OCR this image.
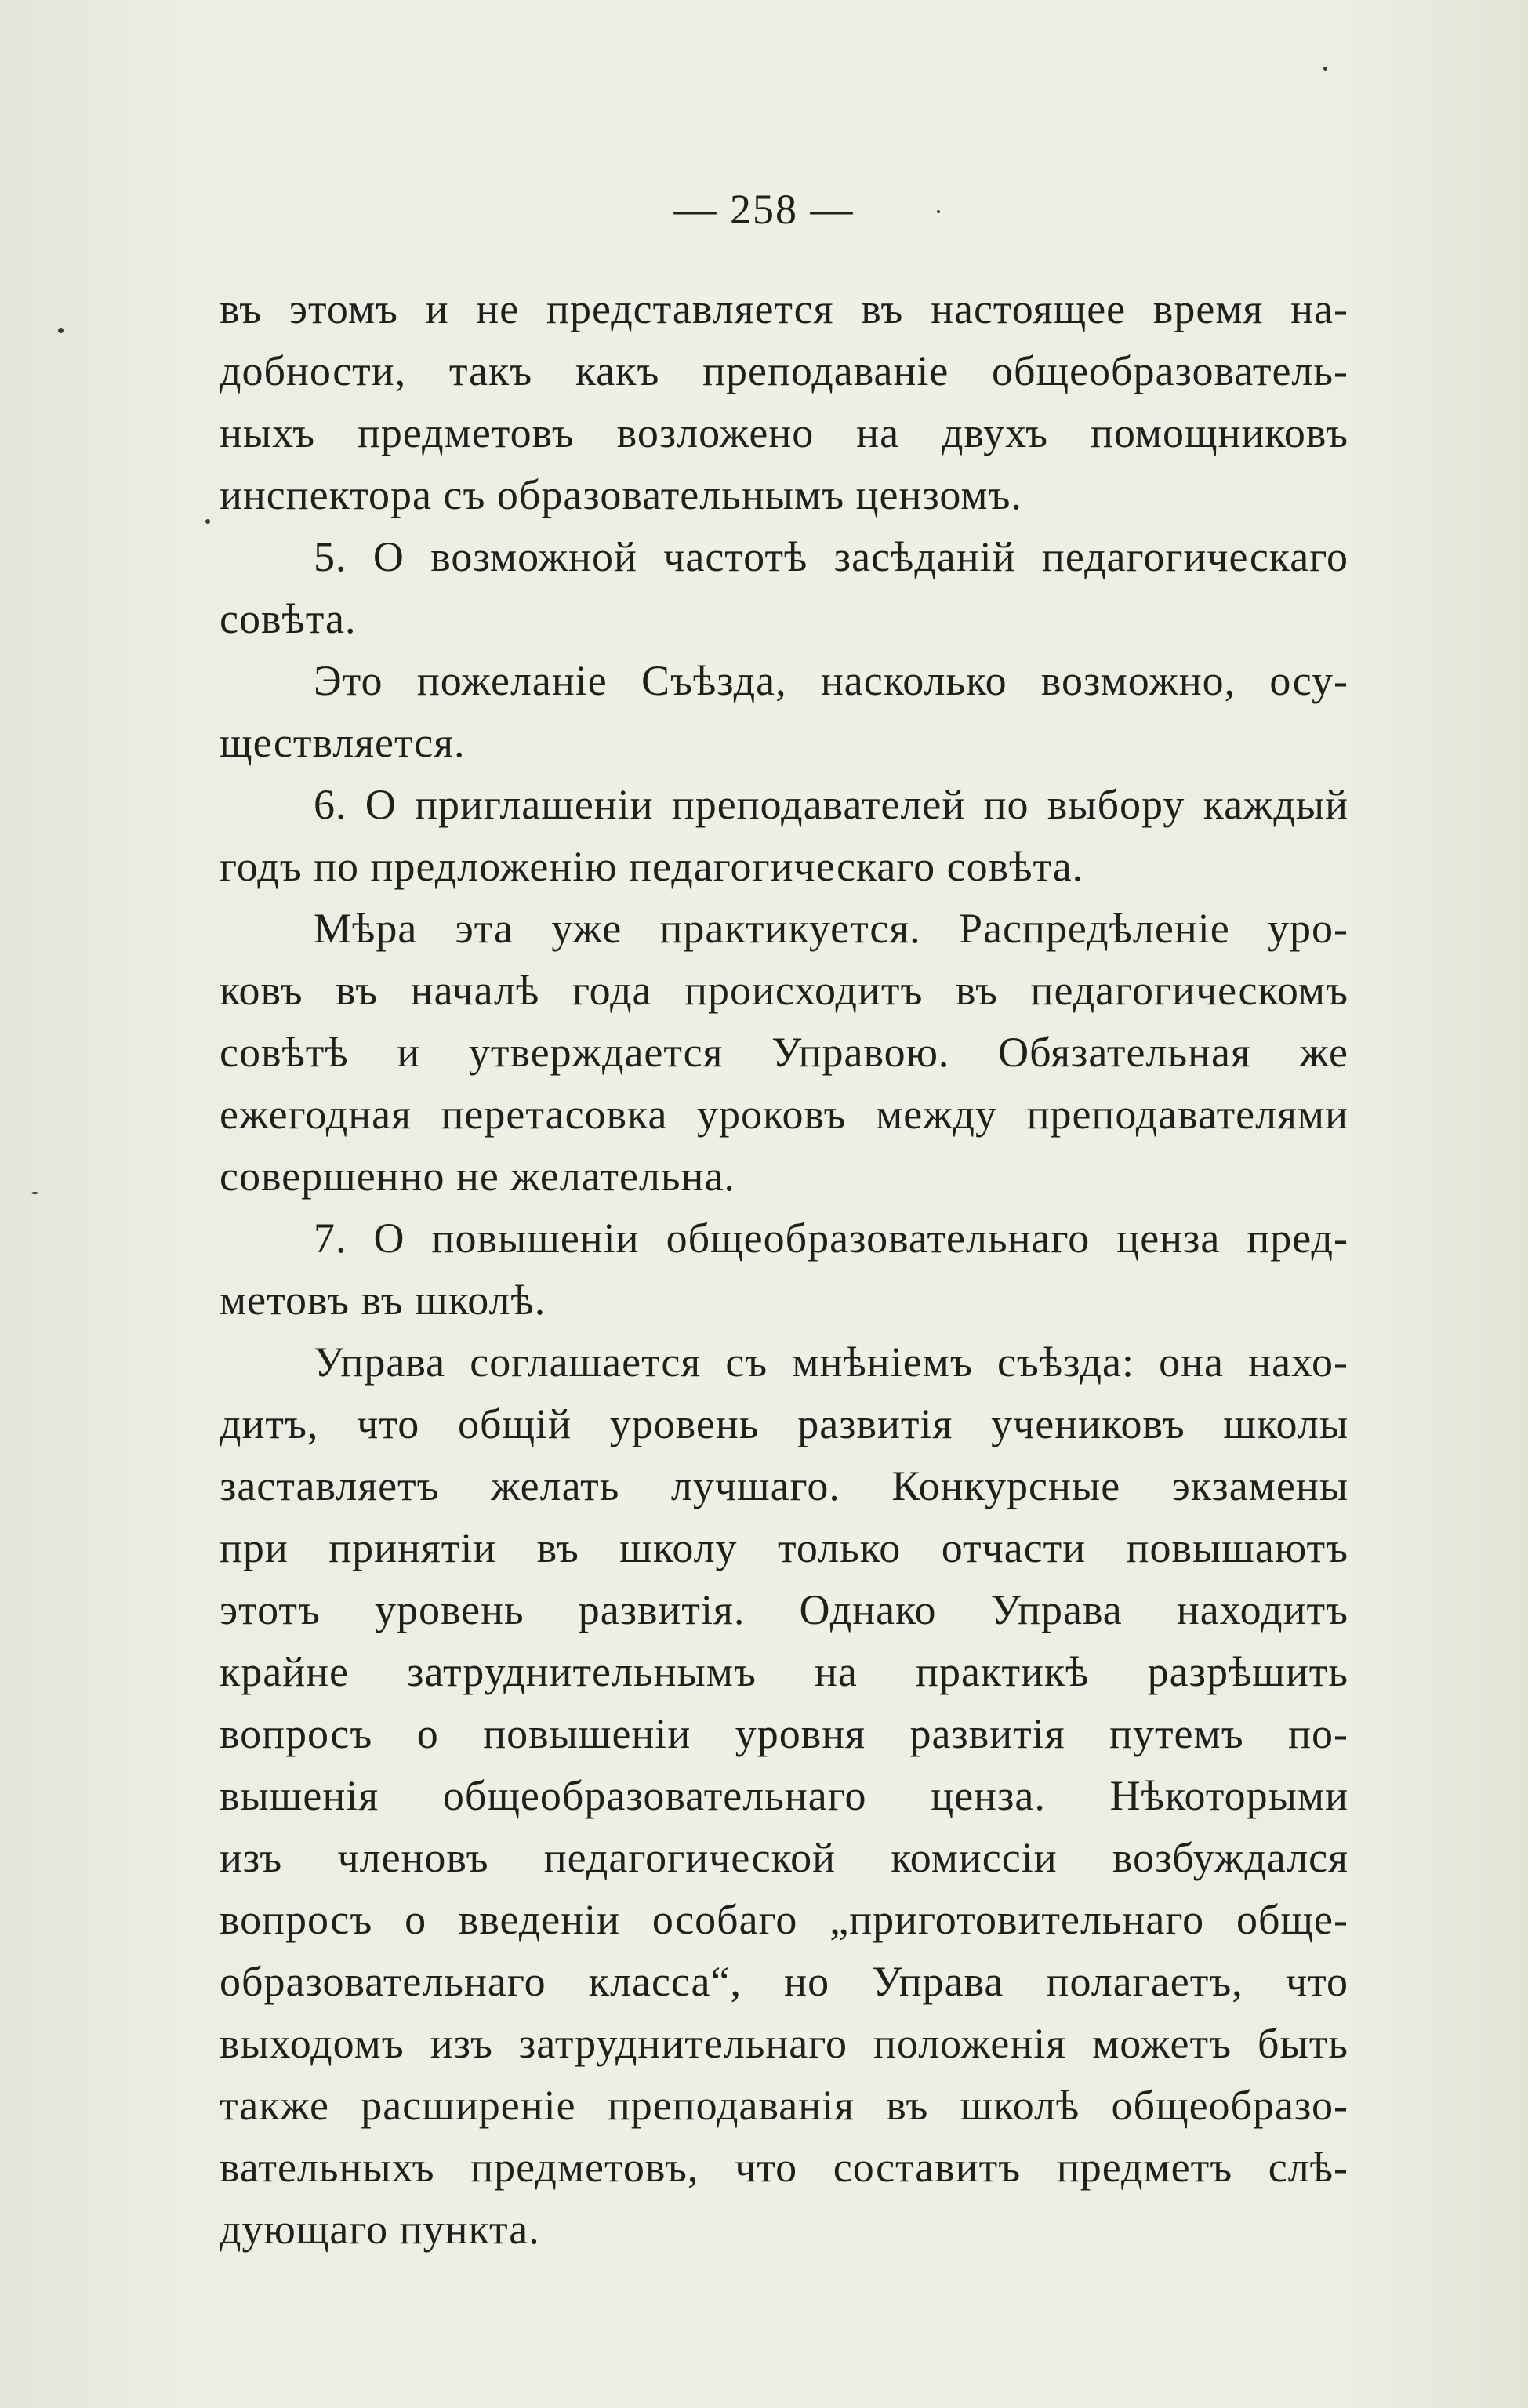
— 258 —
въ этомъ и не представляется въ настоящее время на-
добности, такъ какъ преподаванiе общеобразователь-
ныхъ предметовъ возложено на двухъ помощниковъ
инспектора съ образовательнымъ цензомъ.
5. О возможной частотѣ засѣданiй педагогическаго
совѣта.
Это пожеланiе Съѣзда, насколько возможно, осу-
ществляется.
6. О приглашенiи преподавателей по выбору каждый
годъ по предложенiю педагогическаго совѣта.
Мѣра эта уже практикуется. Распредѣленiе уро-
ковъ въ началѣ года происходитъ въ педагогическомъ
совѣтѣ и утверждается Управою. Обязательная же
ежегодная перетасовка уроковъ между преподавателями
совершенно не желательна.
7. О повышенiи общеобразовательнаго ценза пред-
метовъ въ школѣ.
Управа соглашается съ мнѣнiемъ съѣзда: она нахо-
дитъ, что общiй уровень развитiя учениковъ школы
заставляетъ желать лучшаго. Конкурсные экзамены
при принятiи въ школу только отчасти повышаютъ
этотъ уровень развитiя. Однако Управа находитъ
крайне затруднительнымъ на практикѣ разрѣшить
вопросъ о повышенiи уровня развитiя путемъ по-
вышенiя общеобразовательнаго ценза. Нѣкоторыми
изъ членовъ педагогической комиссiи возбуждался
вопросъ о введенiи особаго „приготовительнаго обще-
образовательнаго класса“, но Управа полагаетъ, что
выходомъ изъ затруднительнаго положенiя можетъ быть
также расширенiе преподаванiя въ школѣ общеобразо-
вательныхъ предметовъ, что составитъ предметъ слѣ-
дующаго пункта.
